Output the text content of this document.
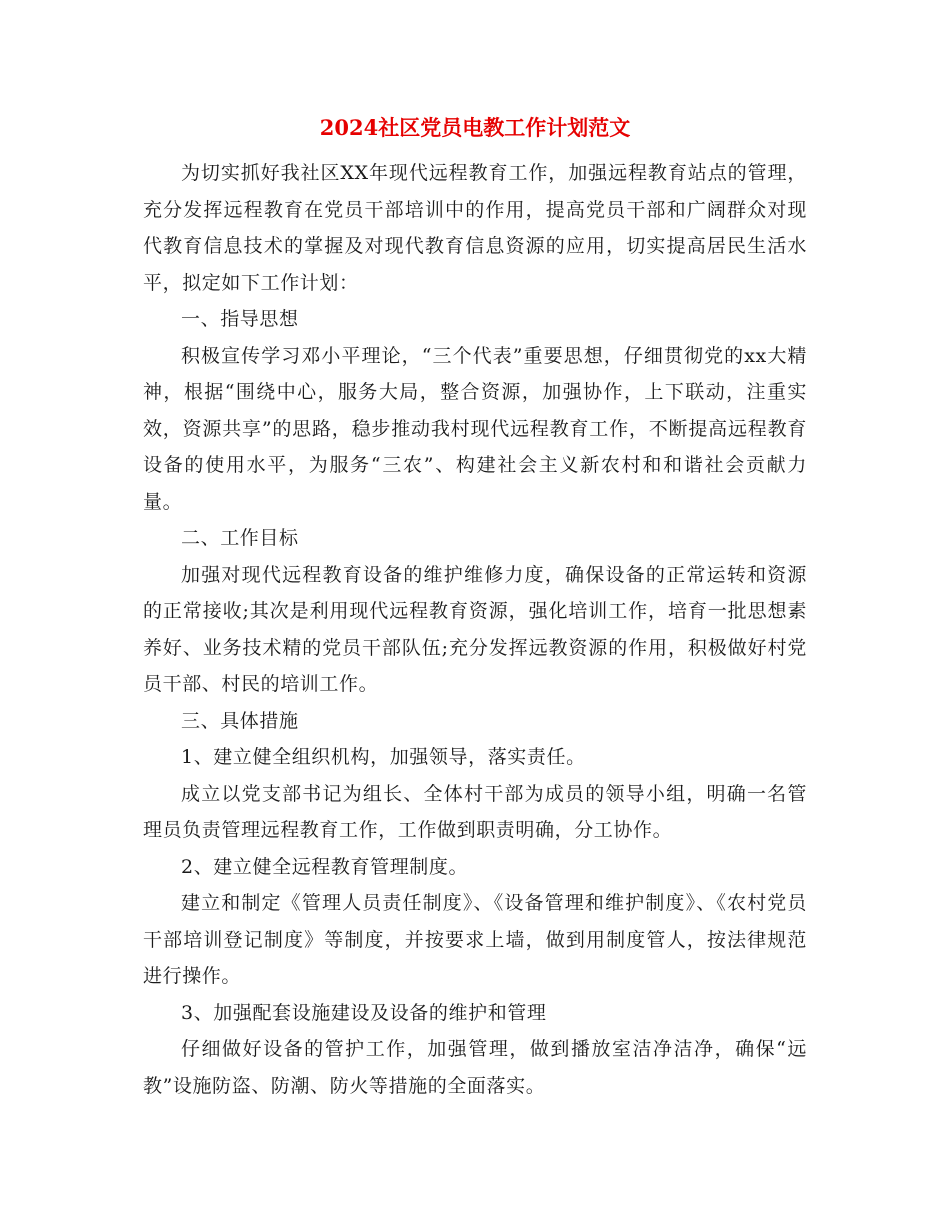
2024社区党员电教工作计划范文

为切实抓好我社区XX年现代远程教育工作，加强远程教育站点的管理，充分发挥远程教育在党员干部培训中的作用，提高党员干部和广阔群众对现代教育信息技术的掌握及对现代教育信息资源的应用，切实提高居民生活水平，拟定如下工作计划：

一、指导思想

积极宣传学习邓小平理论，“三个代表”重要思想，仔细贯彻党的xx大精神，根据“围绕中心，服务大局，整合资源，加强协作，上下联动，注重实效，资源共享”的思路，稳步推动我村现代远程教育工作，不断提高远程教育设备的使用水平，为服务“三农”、构建社会主义新农村和和谐社会贡献力量。

二、工作目标

加强对现代远程教育设备的维护维修力度，确保设备的正常运转和资源的正常接收;其次是利用现代远程教育资源，强化培训工作，培育一批思想素养好、业务技术精的党员干部队伍;充分发挥远教资源的作用，积极做好村党员干部、村民的培训工作。

三、具体措施

1、建立健全组织机构，加强领导，落实责任。

成立以党支部书记为组长、全体村干部为成员的领导小组，明确一名管理员负责管理远程教育工作，工作做到职责明确，分工协作。

2、建立健全远程教育管理制度。

建立和制定《管理人员责任制度》、《设备管理和维护制度》、《农村党员干部培训登记制度》等制度，并按要求上墙，做到用制度管人，按法律规范进行操作。

3、加强配套设施建设及设备的维护和管理

仔细做好设备的管护工作，加强管理，做到播放室洁净洁净，确保“远教”设施防盗、防潮、防火等措施的全面落实。
